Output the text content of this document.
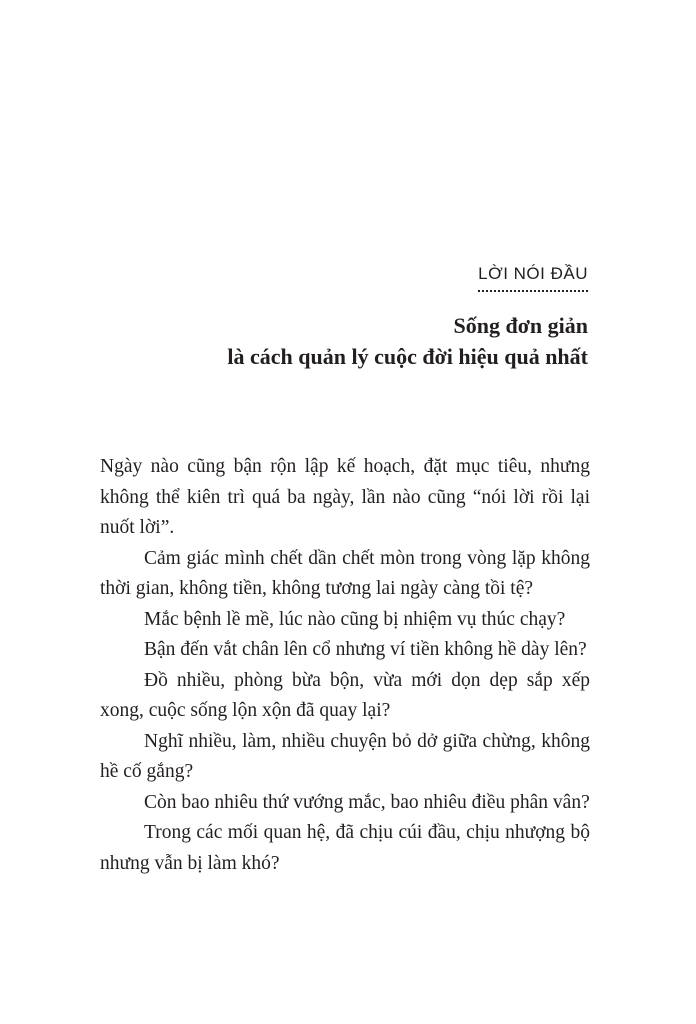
LỜI NÓI ĐẦU
Sống đơn giản
là cách quản lý cuộc đời hiệu quả nhất

Ngày nào cũng bận rộn lập kế hoạch, đặt mục tiêu, nhưng không thể kiên trì quá ba ngày, lần nào cũng “nói lời rồi lại nuốt lời”.

Cảm giác mình chết dần chết mòn trong vòng lặp không thời gian, không tiền, không tương lai ngày càng tồi tệ?

Mắc bệnh lề mề, lúc nào cũng bị nhiệm vụ thúc chạy?

Bận đến vắt chân lên cổ nhưng ví tiền không hề dày lên?

Đồ nhiều, phòng bừa bộn, vừa mới dọn dẹp sắp xếp xong, cuộc sống lộn xộn đã quay lại?

Nghĩ nhiều, làm, nhiều chuyện bỏ dở giữa chừng, không hề cố gắng?

Còn bao nhiêu thứ vướng mắc, bao nhiêu điều phân vân?

Trong các mối quan hệ, đã chịu cúi đầu, chịu nhượng bộ nhưng vẫn bị làm khó?
